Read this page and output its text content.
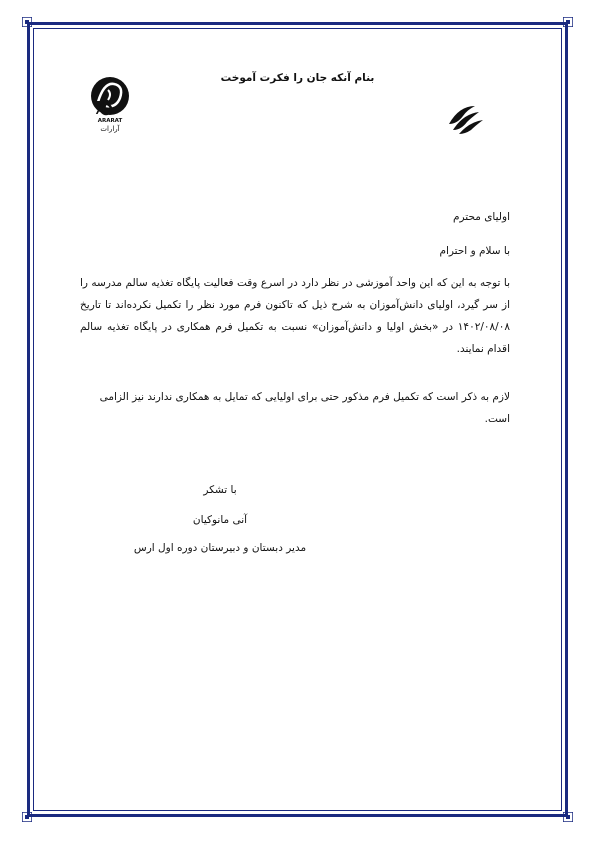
بنام آنکه جان را فکرت آموخت
7
ARARAT
آرارات
اولیای محترم
با سلام و احترام
با توجه به این که این واحد آموزشی در نظر دارد در اسرع وقت فعالیت پایگاه تغذیه سالم مدرسه را از سر گیرد، اولیای دانش‌آموزان به شرح ذیل که تاکنون فرم مورد نظر را تکمیل نکرده‌اند تا تاریخ ۱۴۰۲/۰۸/۰۸ در «بخش اولیا و دانش‌آموزان» نسبت به تکمیل فرم همکاری در پایگاه تغذیه سالم اقدام نمایند.
لازم به ذکر است که تکمیل فرم مذکور حتی برای اولیایی که تمایل به همکاری ندارند نیز الزامی است.
با تشکر
آنی مانوکیان
مدیر دبستان و دبیرستان دوره اول ارس
